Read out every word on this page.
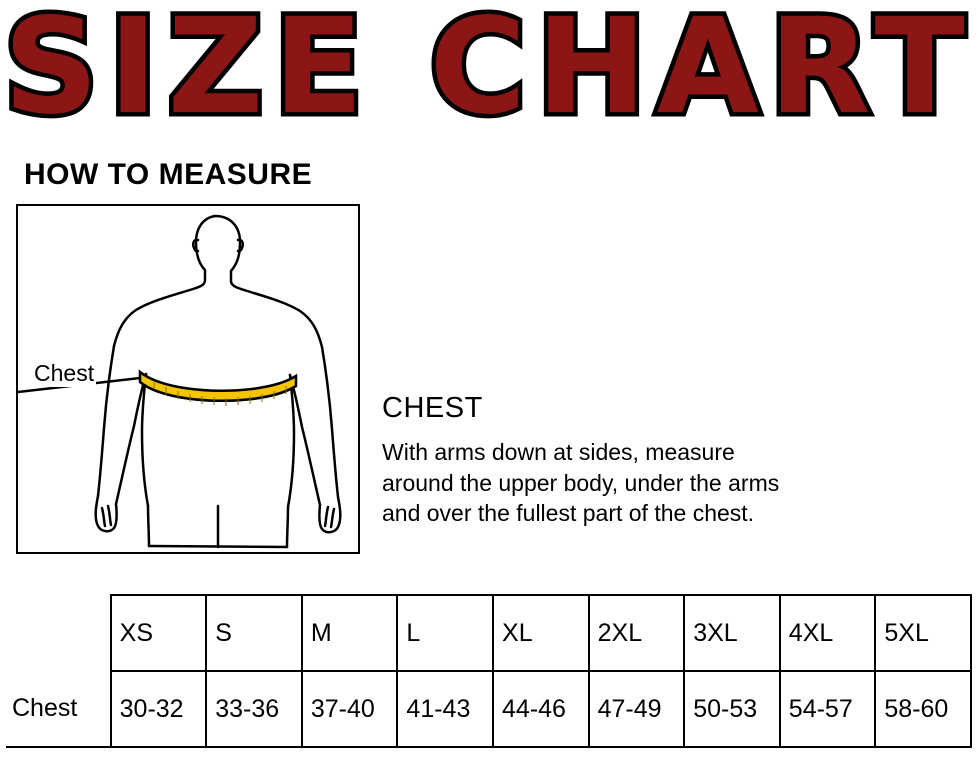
SIZE CHART
HOW TO MEASURE
Chest
CHEST
With arms down at sides, measure
around the upper body, under the arms
and over the fullest part of the chest.
	XS	S	M	L	XL	2XL	3XL	4XL	5XL
Chest	30-32	33-36	37-40	41-43	44-46	47-49	50-53	54-57	58-60
